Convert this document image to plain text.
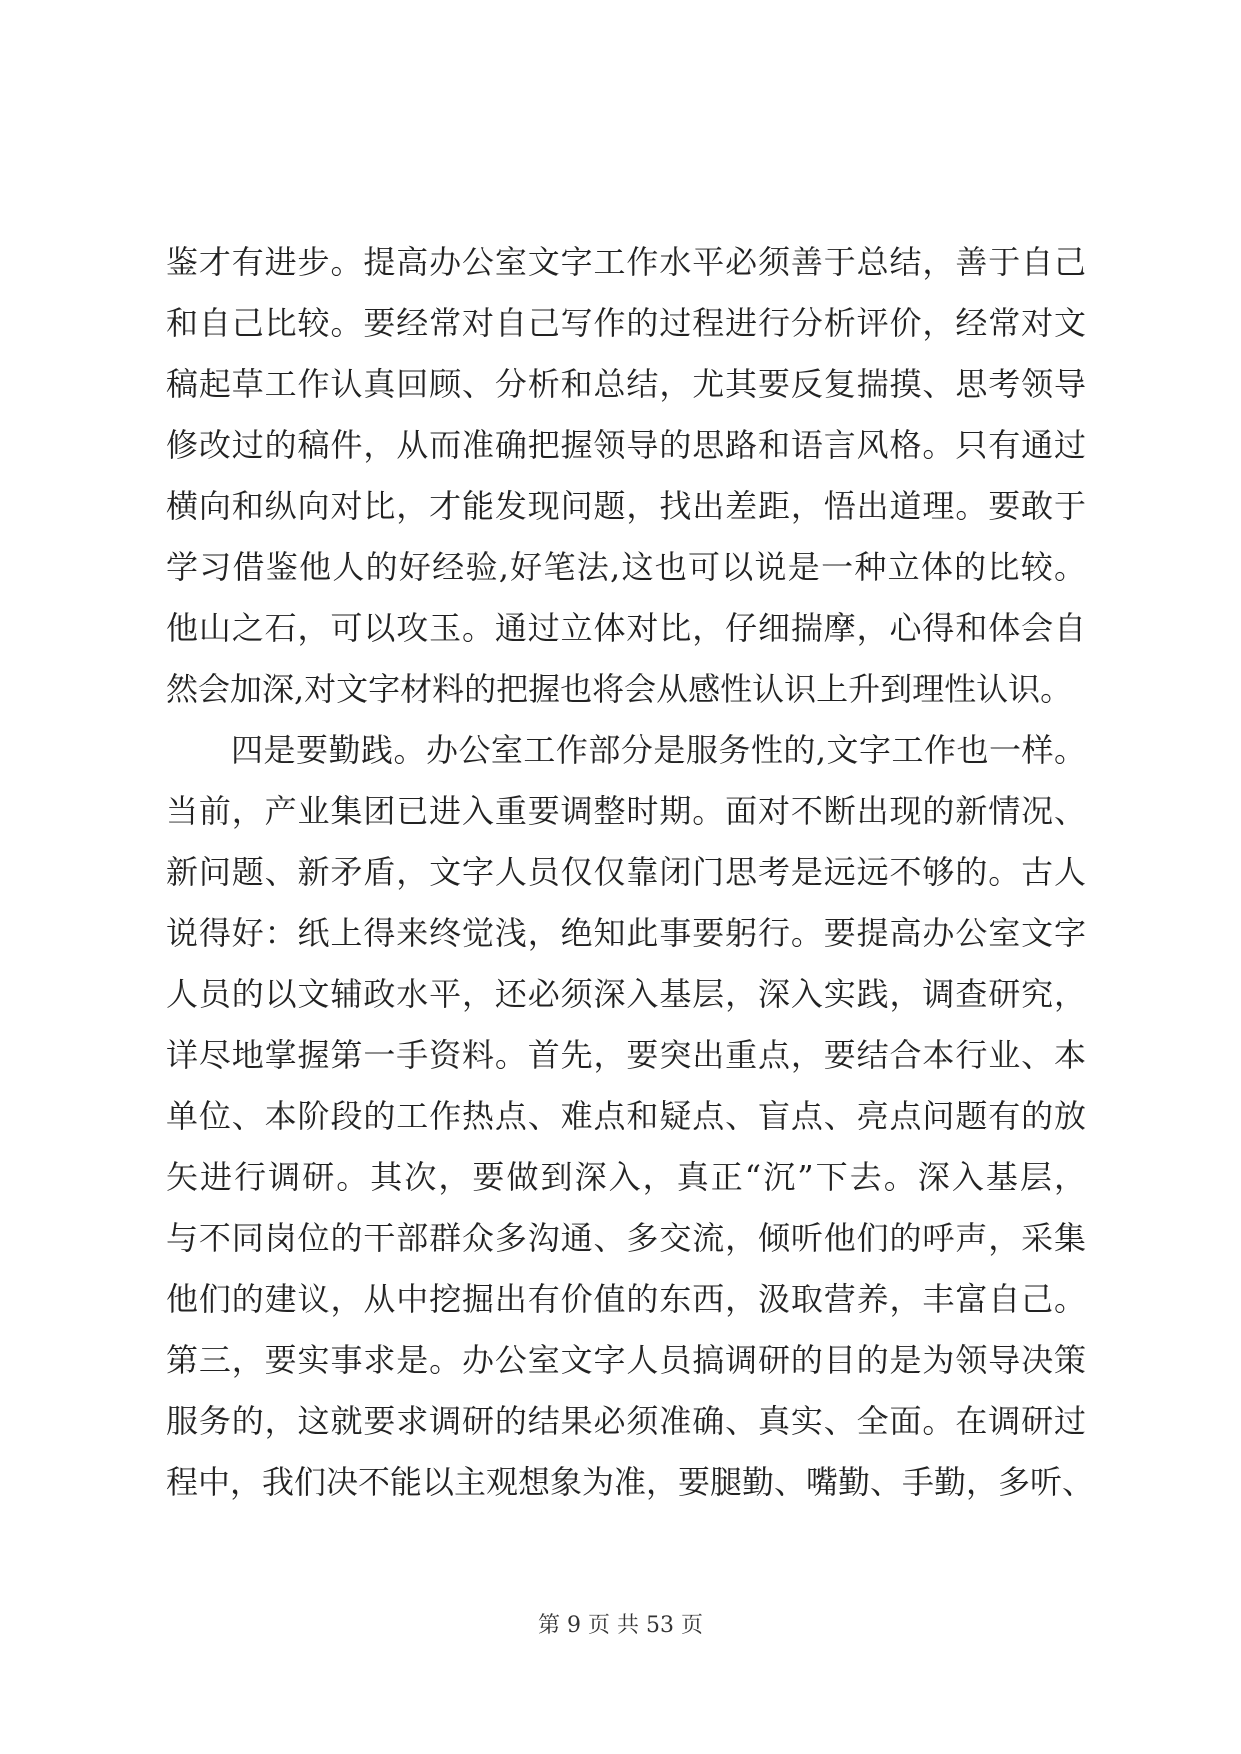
鉴才有进步。提高办公室文字工作水平必须善于总结，善于自己
和自己比较。要经常对自己写作的过程进行分析评价，经常对文
稿起草工作认真回顾、分析和总结，尤其要反复揣摸、思考领导
修改过的稿件，从而准确把握领导的思路和语言风格。只有通过
横向和纵向对比，才能发现问题，找出差距，悟出道理。要敢于
学习借鉴他人的好经验,好笔法,这也可以说是一种立体的比较。
他山之石，可以攻玉。通过立体对比，仔细揣摩，心得和体会自
然会加深,对文字材料的把握也将会从感性认识上升到理性认识。
　　四是要勤践。办公室工作部分是服务性的,文字工作也一样。
当前，产业集团已进入重要调整时期。面对不断出现的新情况、
新问题、新矛盾，文字人员仅仅靠闭门思考是远远不够的。古人
说得好：纸上得来终觉浅，绝知此事要躬行。要提高办公室文字
人员的以文辅政水平，还必须深入基层，深入实践，调查研究，
详尽地掌握第一手资料。首先，要突出重点，要结合本行业、本
单位、本阶段的工作热点、难点和疑点、盲点、亮点问题有的放
矢进行调研。其次，要做到深入，真正“沉”下去。深入基层，
与不同岗位的干部群众多沟通、多交流，倾听他们的呼声，采集
他们的建议，从中挖掘出有价值的东西，汲取营养，丰富自己。
第三，要实事求是。办公室文字人员搞调研的目的是为领导决策
服务的，这就要求调研的结果必须准确、真实、全面。在调研过
程中，我们决不能以主观想象为准，要腿勤、嘴勤、手勤，多听、
第 9 页 共 53 页
